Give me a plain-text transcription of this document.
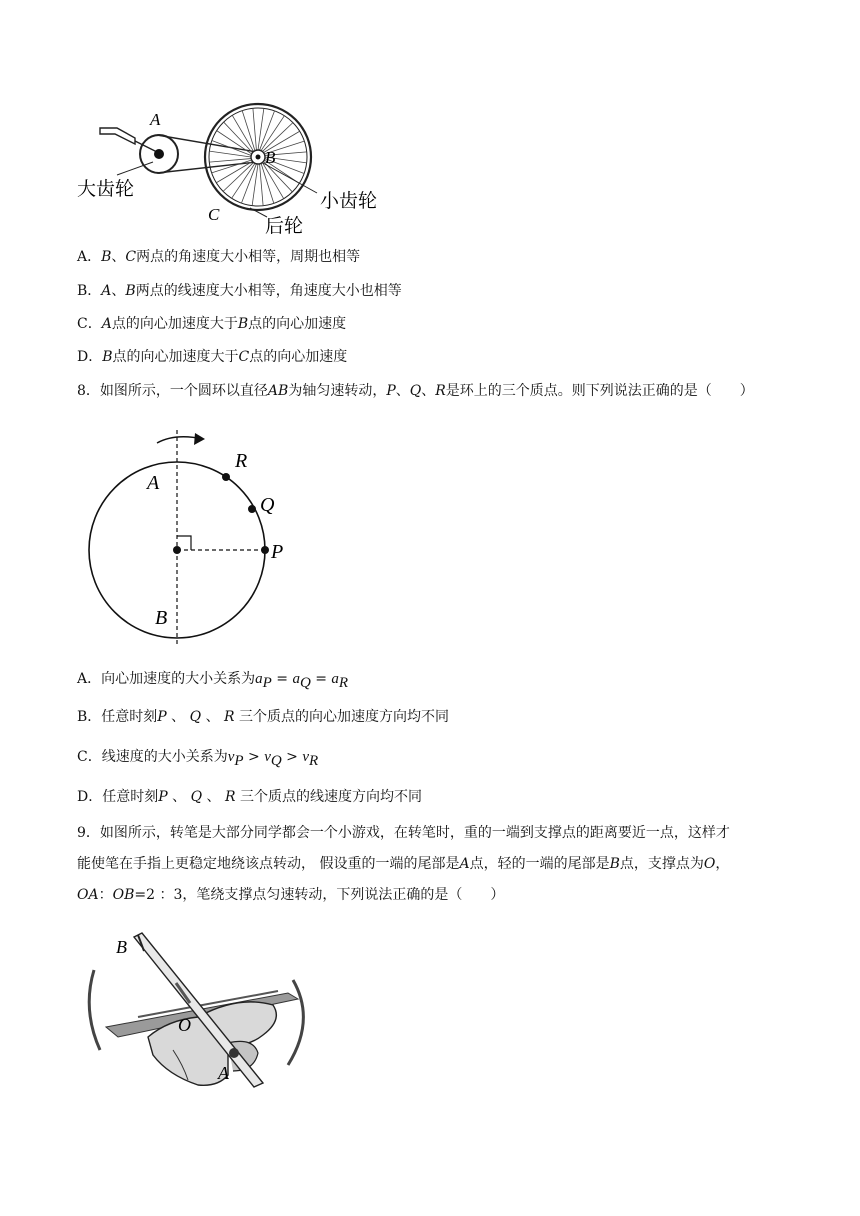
A
B
C
大齿轮
小齿轮
后轮
A．B、C两点的角速度大小相等，周期也相等
B．A、B两点的线速度大小相等，角速度大小也相等
C．A点的向心加速度大于B点的向心加速度
D．B点的向心加速度大于C点的向心加速度
8．如图所示，一个圆环以直径AB为轴匀速转动，P、Q、R是环上的三个质点。则下列说法正确的是（　　）
A
B
P
Q
R
A．向心加速度的大小关系为$a_P = a_Q = a_R$
B．任意时刻P 、 Q 、 R 三个质点的向心加速度方向均不同
C．线速度的大小关系为$v_P > v_Q > v_R$
D．任意时刻P 、 Q 、 R 三个质点的线速度方向均不同
9．如图所示，转笔是大部分同学都会一个小游戏，在转笔时，重的一端到支撑点的距离要近一点，这样才
能使笔在手指上更稳定地绕该点转动， 假设重的一端的尾部是A点，轻的一端的尾部是B点，支撑点为O，
OA：OB=2 ：3，笔绕支撑点匀速转动，下列说法正确的是（　　）
B
O
A
